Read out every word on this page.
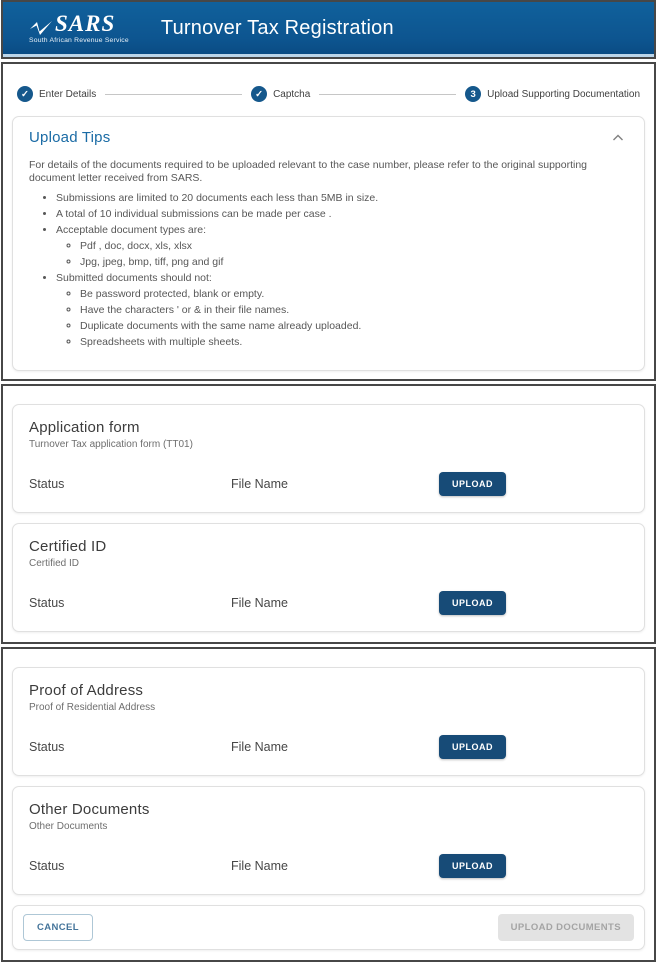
SARS
South African Revenue Service
Turnover Tax Registration
✓	Enter Details	✓	Captcha	3	Upload Supporting Documentation
Upload Tips
For details of the documents required to be uploaded relevant to the case number, please refer to the original supporting document letter received from SARS.
• Submissions are limited to 20 documents each less than 5MB in size.
• A total of 10 individual submissions can be made per case .
• Acceptable document types are:
◦ Pdf , doc, docx, xls, xlsx
◦ Jpg, jpeg, bmp, tiff, png and gif
• Submitted documents should not:
◦ Be password protected, blank or empty.
◦ Have the characters ' or & in their file names.
◦ Duplicate documents with the same name already uploaded.
◦ Spreadsheets with multiple sheets.
Application form
Turnover Tax application form (TT01)
Status	File Name	UPLOAD
Certified ID
Certified ID
Status	File Name	UPLOAD
Proof of Address
Proof of Residential Address
Status	File Name	UPLOAD
Other Documents
Other Documents
Status	File Name	UPLOAD
CANCEL	UPLOAD DOCUMENTS
